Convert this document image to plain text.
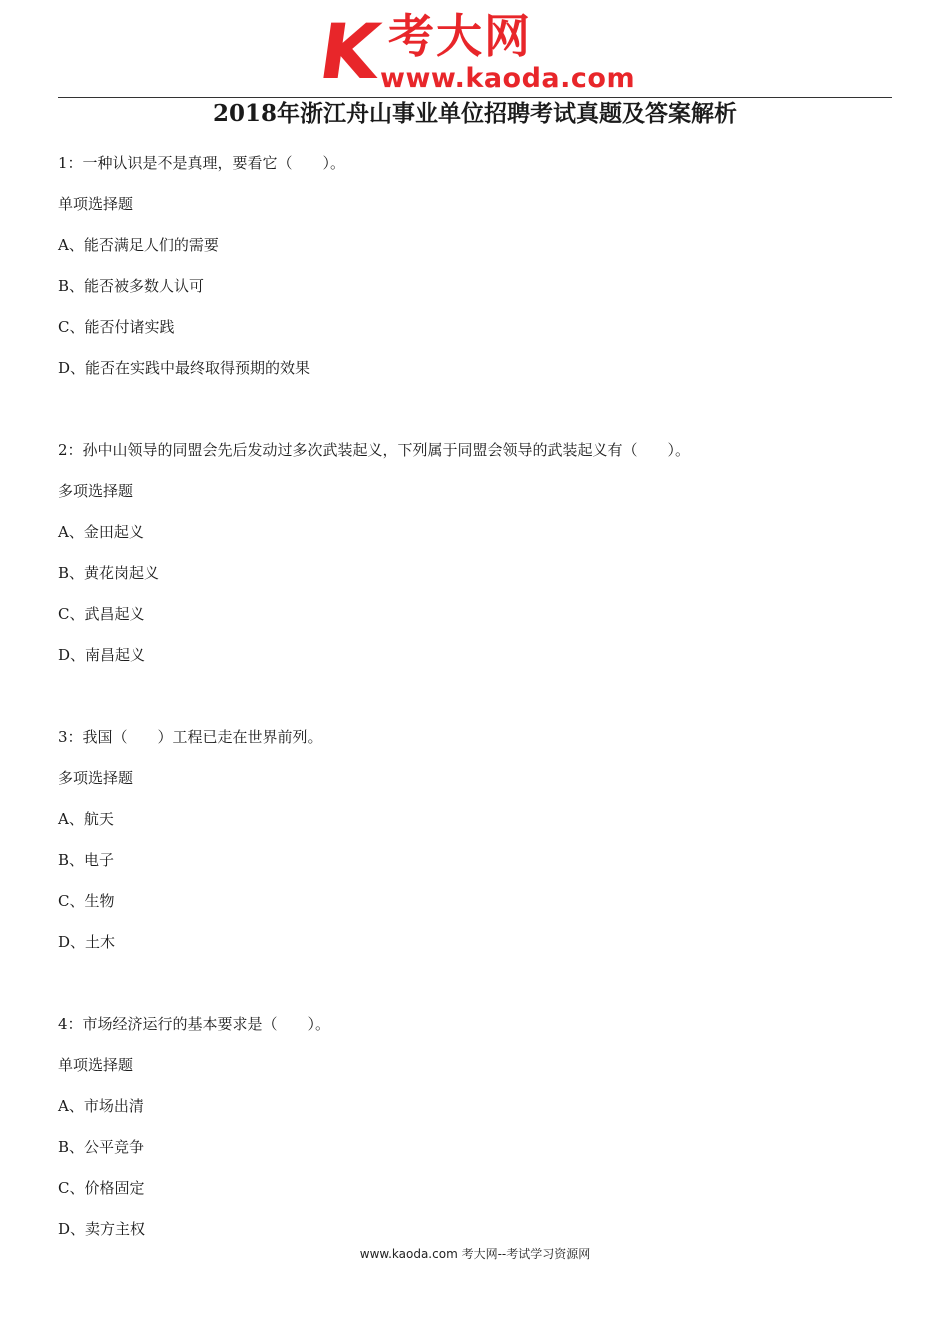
K 考大网
www.kaoda.com
2018年浙江舟山事业单位招聘考试真题及答案解析

1：一种认识是不是真理，要看它（　　）。

单项选择题

A、能否满足人们的需要

B、能否被多数人认可

C、能否付诸实践

D、能否在实践中最终取得预期的效果

2：孙中山领导的同盟会先后发动过多次武装起义，下列属于同盟会领导的武装起义有（　　）。

多项选择题

A、金田起义

B、黄花岗起义

C、武昌起义

D、南昌起义

3：我国（　　）工程已走在世界前列。

多项选择题

A、航天

B、电子

C、生物

D、土木

4：市场经济运行的基本要求是（　　）。

单项选择题

A、市场出清

B、公平竞争

C、价格固定

D、卖方主权

www.kaoda.com 考大网--考试学习资源网
